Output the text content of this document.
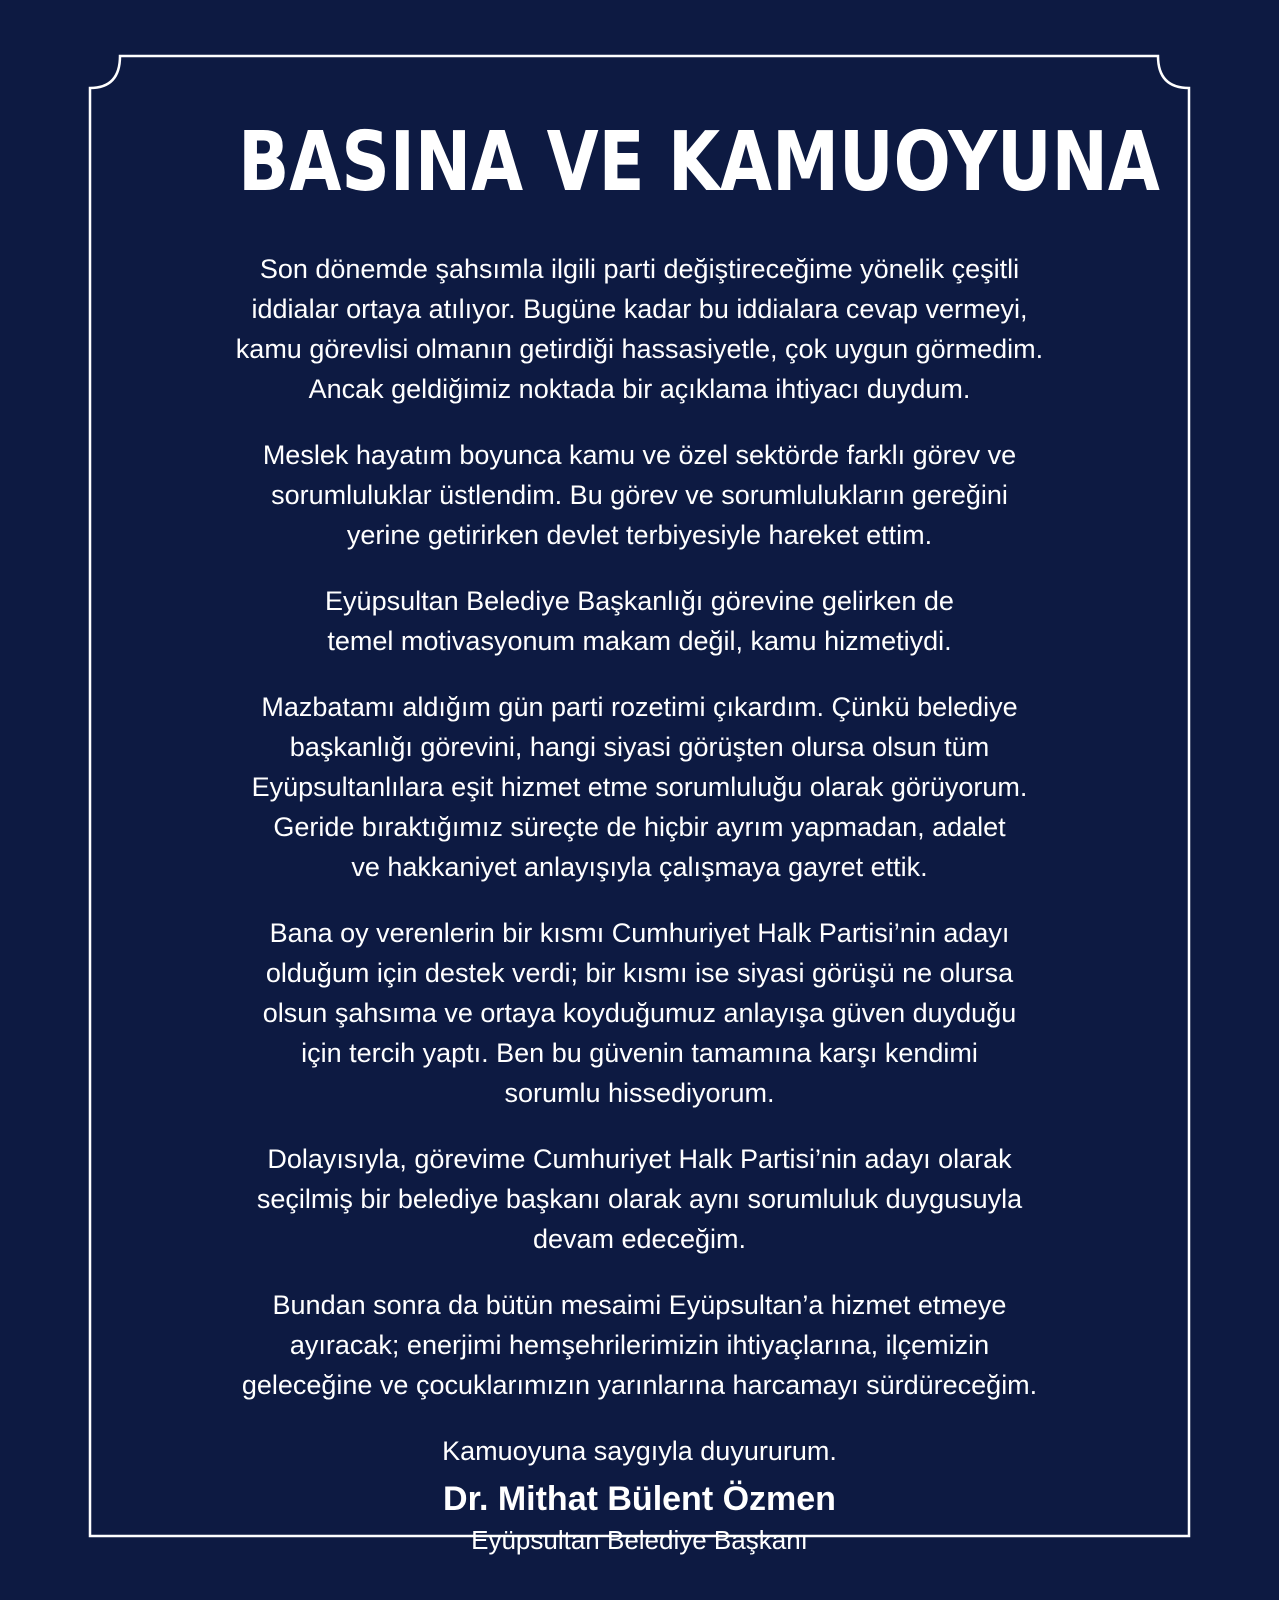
BASINA VE KAMUOYUNA
Son dönemde şahsımla ilgili parti değiştireceğime yönelik çeşitli
iddialar ortaya atılıyor. Bugüne kadar bu iddialara cevap vermeyi,
kamu görevlisi olmanın getirdiği hassasiyetle, çok uygun görmedim.
Ancak geldiğimiz noktada bir açıklama ihtiyacı duydum.
Meslek hayatım boyunca kamu ve özel sektörde farklı görev ve
sorumluluklar üstlendim. Bu görev ve sorumlulukların gereğini
yerine getirirken devlet terbiyesiyle hareket ettim.
Eyüpsultan Belediye Başkanlığı görevine gelirken de
temel motivasyonum makam değil, kamu hizmetiydi.
Mazbatamı aldığım gün parti rozetimi çıkardım. Çünkü belediye
başkanlığı görevini, hangi siyasi görüşten olursa olsun tüm
Eyüpsultanlılara eşit hizmet etme sorumluluğu olarak görüyorum.
Geride bıraktığımız süreçte de hiçbir ayrım yapmadan, adalet
ve hakkaniyet anlayışıyla çalışmaya gayret ettik.
Bana oy verenlerin bir kısmı Cumhuriyet Halk Partisi’nin adayı
olduğum için destek verdi; bir kısmı ise siyasi görüşü ne olursa
olsun şahsıma ve ortaya koyduğumuz anlayışa güven duyduğu
için tercih yaptı. Ben bu güvenin tamamına karşı kendimi
sorumlu hissediyorum.
Dolayısıyla, görevime Cumhuriyet Halk Partisi’nin adayı olarak
seçilmiş bir belediye başkanı olarak aynı sorumluluk duygusuyla
devam edeceğim.
Bundan sonra da bütün mesaimi Eyüpsultan’a hizmet etmeye
ayıracak; enerjimi hemşehrilerimizin ihtiyaçlarına, ilçemizin
geleceğine ve çocuklarımızın yarınlarına harcamayı sürdüreceğim.
Kamuoyuna saygıyla duyururum.
Dr. Mithat Bülent Özmen
Eyüpsultan Belediye Başkanı
